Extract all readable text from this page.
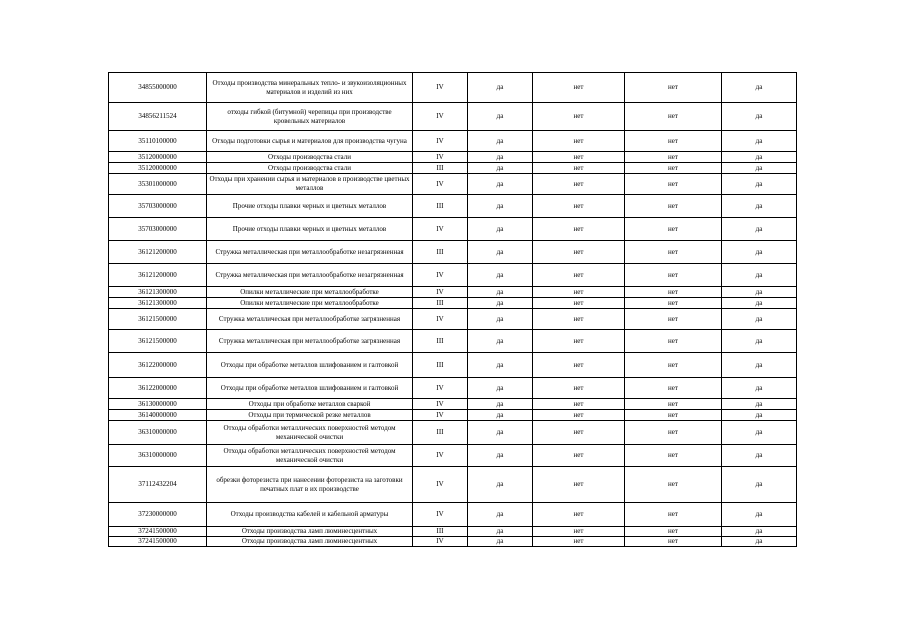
34855000000	Отходы производства минеральных тепло- и звукоизоляционных материалов и изделий из них	IV	да	нет	нет	да
34856211524	отходы гибкой (битумной) черепицы при производстве кровельных материалов	IV	да	нет	нет	да
35110100000	Отходы подготовки сырья и материалов для производства чугуна	IV	да	нет	нет	да
35120000000	Отходы производства стали	IV	да	нет	нет	да
35120000000	Отходы производства стали	III	да	нет	нет	да
35301000000	Отходы при хранении сырья и материалов в производстве цветных металлов	IV	да	нет	нет	да
35703000000	Прочие отходы плавки черных и цветных металлов	III	да	нет	нет	да
35703000000	Прочие отходы плавки черных и цветных металлов	IV	да	нет	нет	да
36121200000	Стружка металлическая при металлообработке незагрязненная	III	да	нет	нет	да
36121200000	Стружка металлическая при металлообработке незагрязненная	IV	да	нет	нет	да
36121300000	Опилки металлические при металлообработке	IV	да	нет	нет	да
36121300000	Опилки металлические при металлообработке	III	да	нет	нет	да
36121500000	Стружка металлическая при металлообработке загрязненная	IV	да	нет	нет	да
36121500000	Стружка металлическая при металлообработке загрязненная	III	да	нет	нет	да
36122000000	Отходы при обработке металлов шлифованием и галтовкой	III	да	нет	нет	да
36122000000	Отходы при обработке металлов шлифованием и галтовкой	IV	да	нет	нет	да
36130000000	Отходы при обработке металлов сваркой	IV	да	нет	нет	да
36140000000	Отходы при термической резке металлов	IV	да	нет	нет	да
36310000000	Отходы обработки металлических поверхностей методом механической очистки	III	да	нет	нет	да
36310000000	Отходы обработки металлических поверхностей методом механической очистки	IV	да	нет	нет	да
37112432204	обрезки фоторезиста при нанесении фоторезиста на заготовки печатных плат в их производстве	IV	да	нет	нет	да
37230000000	Отходы производства кабелей и кабельной арматуры	IV	да	нет	нет	да
37241500000	Отходы производства ламп люминесцентных	III	да	нет	нет	да
37241500000	Отходы производства ламп люминесцентных	IV	да	нет	нет	да
